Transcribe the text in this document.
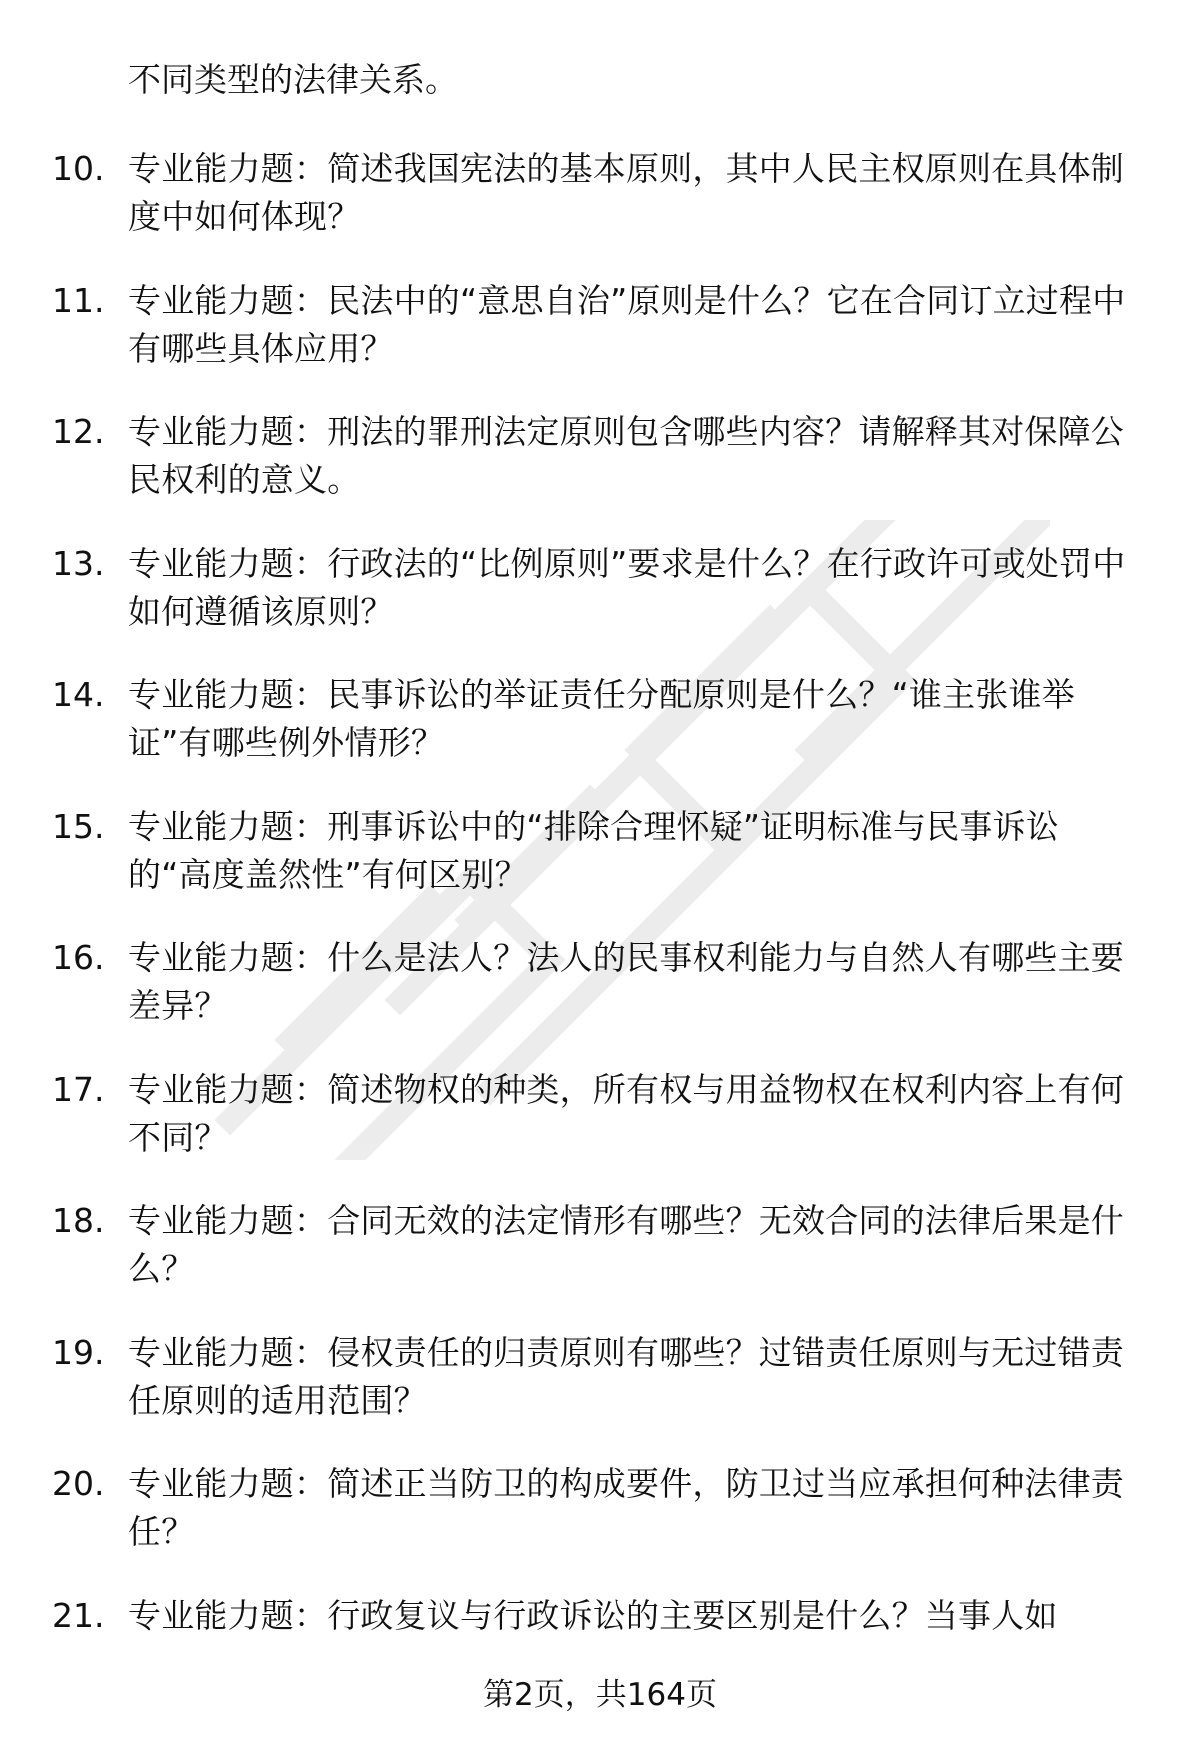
不同类型的法律关系。
10. 专业能力题：简述我国宪法的基本原则，其中人民主权原则在具体制度中如何体现？
11. 专业能力题：民法中的“意思自治”原则是什么？它在合同订立过程中有哪些具体应用？
12. 专业能力题：刑法的罪刑法定原则包含哪些内容？请解释其对保障公民权利的意义。
13. 专业能力题：行政法的“比例原则”要求是什么？在行政许可或处罚中如何遵循该原则？
14. 专业能力题：民事诉讼的举证责任分配原则是什么？“谁主张谁举证”有哪些例外情形？
15. 专业能力题：刑事诉讼中的“排除合理怀疑”证明标准与民事诉讼的“高度盖然性”有何区别？
16. 专业能力题：什么是法人？法人的民事权利能力与自然人有哪些主要差异？
17. 专业能力题：简述物权的种类，所有权与用益物权在权利内容上有何不同？
18. 专业能力题：合同无效的法定情形有哪些？无效合同的法律后果是什么？
19. 专业能力题：侵权责任的归责原则有哪些？过错责任原则与无过错责任原则的适用范围？
20. 专业能力题：简述正当防卫的构成要件，防卫过当应承担何种法律责任？
21. 专业能力题：行政复议与行政诉讼的主要区别是什么？当事人如
第2页，共164页
